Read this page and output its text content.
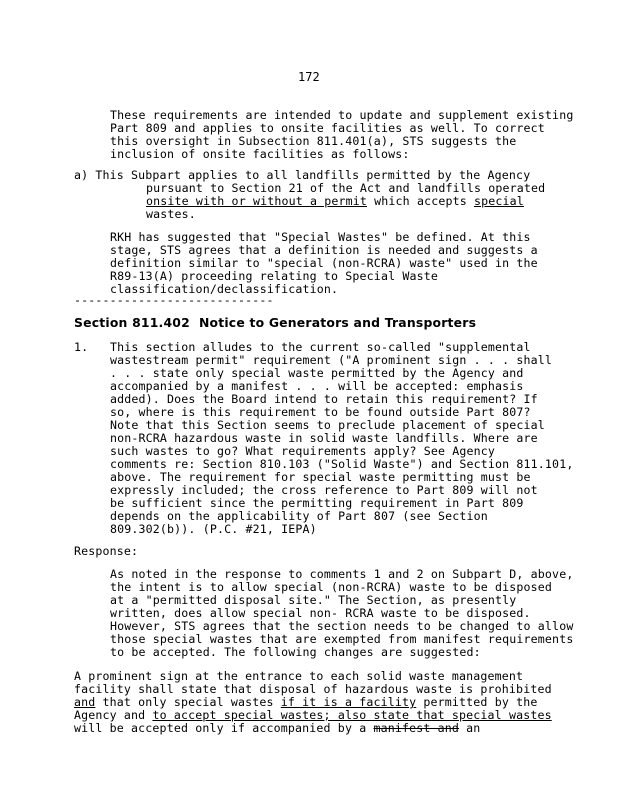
172
These requirements are intended to update and supplement existing
Part 809 and applies to onsite facilities as well. To correct
this oversight in Subsection 811.401(a), STS suggests the
inclusion of onsite facilities as follows:
a) This Subpart applies to all landfills permitted by the Agency
pursuant to Section 21 of the Act and landfills operated
onsite with or without a permit which accepts special
wastes.
RKH has suggested that "Special Wastes" be defined. At this
stage, STS agrees that a definition is needed and suggests a
definition similar to "special (non-RCRA) waste" used in the
R89-13(A) proceeding relating to Special Waste
classification/declassification.
----------------------------
Section 811.402  Notice to Generators and Transporters
1. This section alludes to the current so-called "supplemental
wastestream permit" requirement ("A prominent sign . . . shall
. . . state only special waste permitted by the Agency and
accompanied by a manifest . . . will be accepted: emphasis
added). Does the Board intend to retain this requirement? If
so, where is this requirement to be found outside Part 807?
Note that this Section seems to preclude placement of special
non-RCRA hazardous waste in solid waste landfills. Where are
such wastes to go? What requirements apply? See Agency
comments re: Section 810.103 ("Solid Waste") and Section 811.101,
above. The requirement for special waste permitting must be
expressly included; the cross reference to Part 809 will not
be sufficient since the permitting requirement in Part 809
depends on the applicability of Part 807 (see Section
809.302(b)). (P.C. #21, IEPA)
Response:
As noted in the response to comments 1 and 2 on Subpart D, above,
the intent is to allow special (non-RCRA) waste to be disposed
at a "permitted disposal site." The Section, as presently
written, does allow special non- RCRA waste to be disposed.
However, STS agrees that the section needs to be changed to allow
those special wastes that are exempted from manifest requirements
to be accepted. The following changes are suggested:
A prominent sign at the entrance to each solid waste management
facility shall state that disposal of hazardous waste is prohibited
and that only special wastes if it is a facility permitted by the
Agency and to accept special wastes; also state that special wastes
will be accepted only if accompanied by a manifest and an
